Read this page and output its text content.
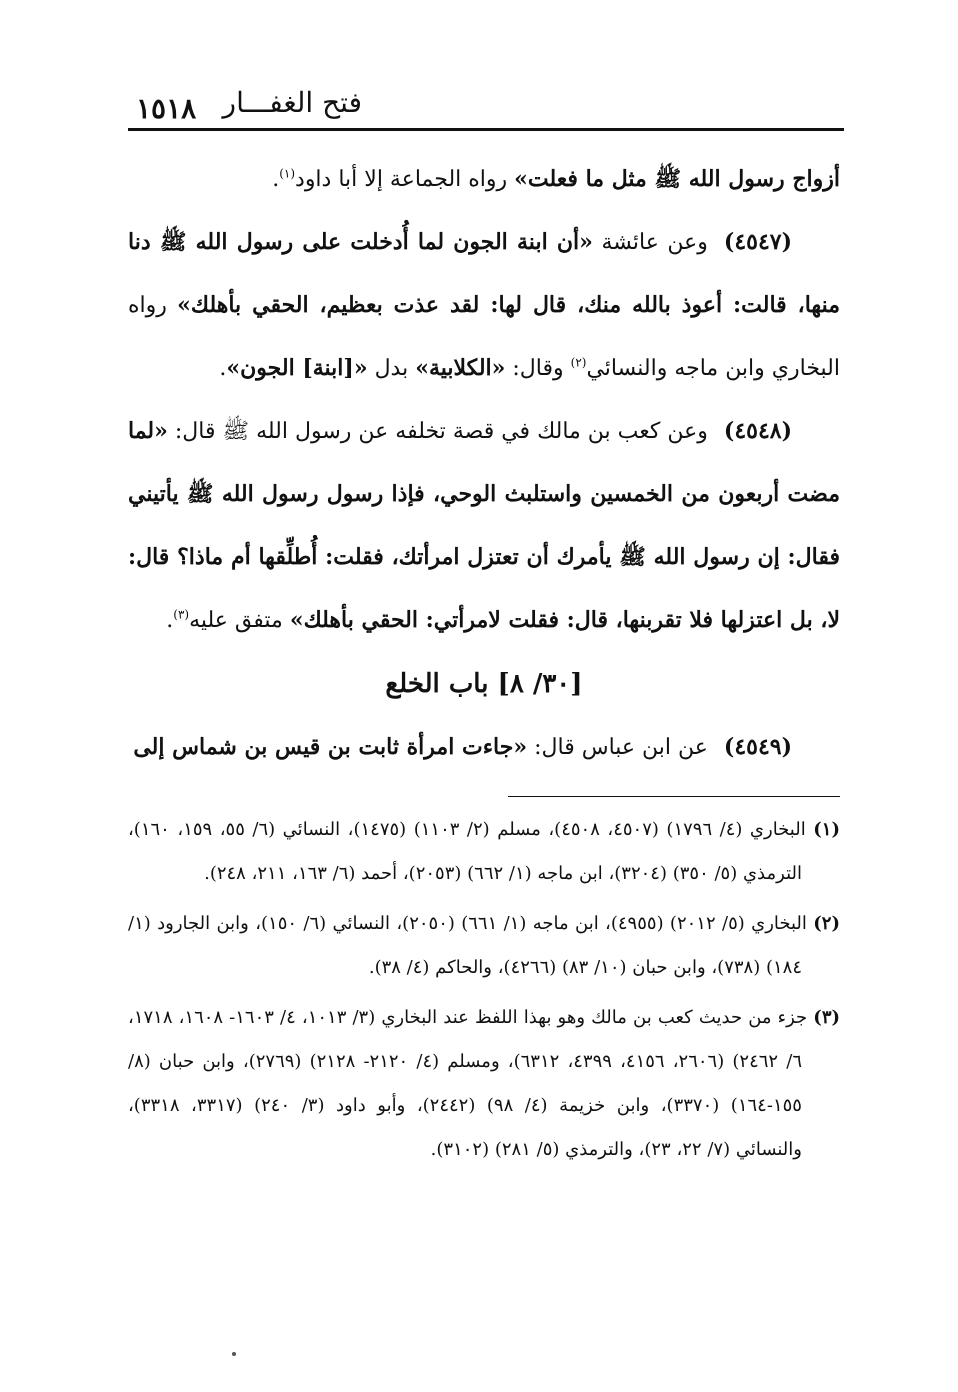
١٥١٨ فتح الغفـــار

أزواج رسول الله ﷺ مثل ما فعلت» رواه الجماعة إلا أبا داود$^{(١)}$.

(٤٥٤٧)وعن عائشة «أن ابنة الجون لما أُدخلت على رسول الله ﷺ دنا منها، قالت: أعوذ بالله منك، قال لها: لقد عذت بعظيم، الحقي بأهلك» رواه البخاري وابن ماجه والنسائي$^{(٢)}$ وقال: «الكلابية» بدل «[ابنة] الجون».

(٤٥٤٨)وعن كعب بن مالك في قصة تخلفه عن رسول الله ﷺ قال: «لما مضت أربعون من الخمسين واستلبث الوحي، فإذا رسول رسول الله ﷺ يأتيني فقال: إن رسول الله ﷺ يأمرك أن تعتزل امرأتك، فقلت: أُطلِّقها أم ماذا؟ قال: لا، بل اعتزلها فلا تقربنها، قال: فقلت لامرأتي: الحقي بأهلك» متفق عليه$^{(٣)}$.

[٣٠/ ٨] باب الخلع

(٤٥٤٩)عن ابن عباس قال: «جاءت امرأة ثابت بن قيس بن شماس إلى

(١) البخاري (٤/ ١٧٩٦) (٤٥٠٧، ٤٥٠٨)، مسلم (٢/ ١١٠٣) (١٤٧٥)، النسائي (٦/ ٥٥، ١٥٩، ١٦٠)، الترمذي (٥/ ٣٥٠) (٣٢٠٤)، ابن ماجه (١/ ٦٦٢) (٢٠٥٣)، أحمد (٦/ ١٦٣، ٢١١، ٢٤٨).

(٢) البخاري (٥/ ٢٠١٢) (٤٩٥٥)، ابن ماجه (١/ ٦٦١) (٢٠٥٠)، النسائي (٦/ ١٥٠)، وابن الجارود (١/ ١٨٤) (٧٣٨)، وابن حبان (١٠/ ٨٣) (٤٢٦٦)، والحاكم (٤/ ٣٨).

(٣) جزء من حديث كعب بن مالك وهو بهذا اللفظ عند البخاري (٣/ ١٠١٣، ٤/ ١٦٠٣- ١٦٠٨، ١٧١٨، ٦/ ٢٤٦٢) (٢٦٠٦، ٤١٥٦، ٤٣٩٩، ٦٣١٢)، ومسلم (٤/ ٢١٢٠- ٢١٢٨) (٢٧٦٩)، وابن حبان (٨/ ١٥٥-١٦٤) (٣٣٧٠)، وابن خزيمة (٤/ ٩٨) (٢٤٤٢)، وأبو داود (٣/ ٢٤٠) (٣٣١٧، ٣٣١٨)، والنسائي (٧/ ٢٢، ٢٣)، والترمذي (٥/ ٢٨١) (٣١٠٢).
